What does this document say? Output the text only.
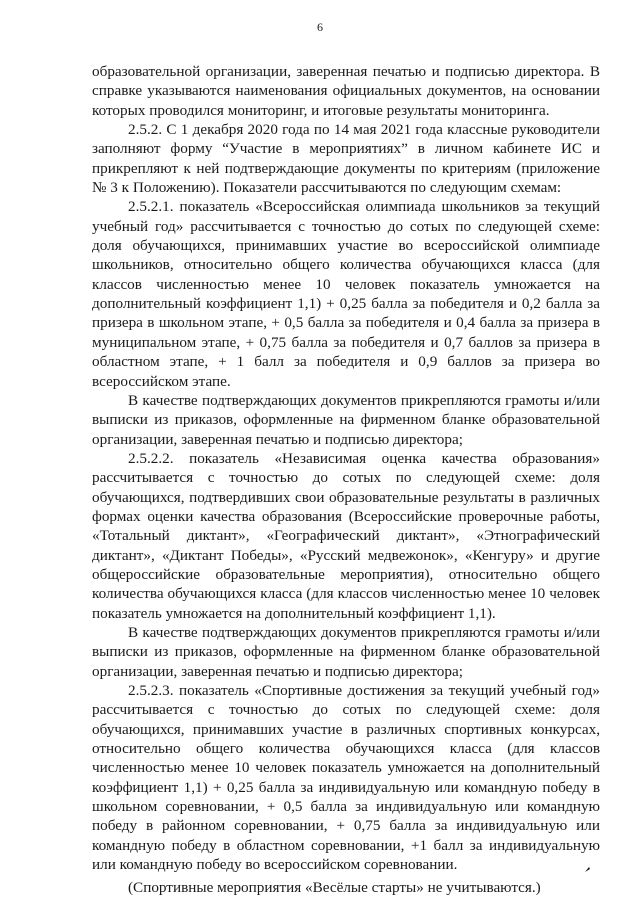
6

образовательной организации, заверенная печатью и подписью директора. В справке указываются наименования официальных документов, на основании которых проводился мониторинг, и итоговые результаты мониторинга.

2.5.2. С 1 декабря 2020 года по 14 мая 2021 года классные руководители заполняют форму “Участие в мероприятиях” в личном кабинете ИС и прикрепляют к ней подтверждающие документы по критериям (приложение № 3 к Положению). Показатели рассчитываются по следующим схемам:

2.5.2.1. показатель «Всероссийская олимпиада школьников за текущий учебный год» рассчитывается с точностью до сотых по следующей схеме: доля обучающихся, принимавших участие во всероссийской олимпиаде школьников, относительно общего количества обучающихся класса (для классов численностью менее 10 человек показатель умножается на дополнительный коэффициент 1,1) + 0,25 балла за победителя и 0,2 балла за призера в школьном этапе, + 0,5 балла за победителя и 0,4 балла за призера в муниципальном этапе, + 0,75 балла за победителя и 0,7 баллов за призера в областном этапе, + 1 балл за победителя и 0,9 баллов за призера во всероссийском этапе.

В качестве подтверждающих документов прикрепляются грамоты и/или выписки из приказов, оформленные на фирменном бланке образовательной организации, заверенная печатью и подписью директора;

2.5.2.2. показатель «Независимая оценка качества образования» рассчитывается с точностью до сотых по следующей схеме: доля обучающихся, подтвердивших свои образовательные результаты в различных формах оценки качества образования (Всероссийские проверочные работы, «Тотальный диктант», «Географический диктант», «Этнографический диктант», «Диктант Победы», «Русский медвежонок», «Кенгуру» и другие общероссийские образовательные мероприятия), относительно общего количества обучающихся класса (для классов численностью менее 10 человек показатель умножается на дополнительный коэффициент 1,1).

В качестве подтверждающих документов прикрепляются грамоты и/или выписки из приказов, оформленные на фирменном бланке образовательной организации, заверенная печатью и подписью директора;

2.5.2.3. показатель «Спортивные достижения за текущий учебный год» рассчитывается с точностью до сотых по следующей схеме: доля обучающихся, принимавших участие в различных спортивных конкурсах, относительно общего количества обучающихся класса (для классов численностью менее 10 человек показатель умножается на дополнительный коэффициент 1,1) + 0,25 балла за индивидуальную или командную победу в школьном соревновании, + 0,5 балла за индивидуальную или командную победу в районном соревновании, + 0,75 балла за индивидуальную или командную победу в областном соревновании, +1 балл за индивидуальную или командную победу во всероссийском соревновании.

(Спортивные мероприятия «Весёлые старты» не учитываются.)
